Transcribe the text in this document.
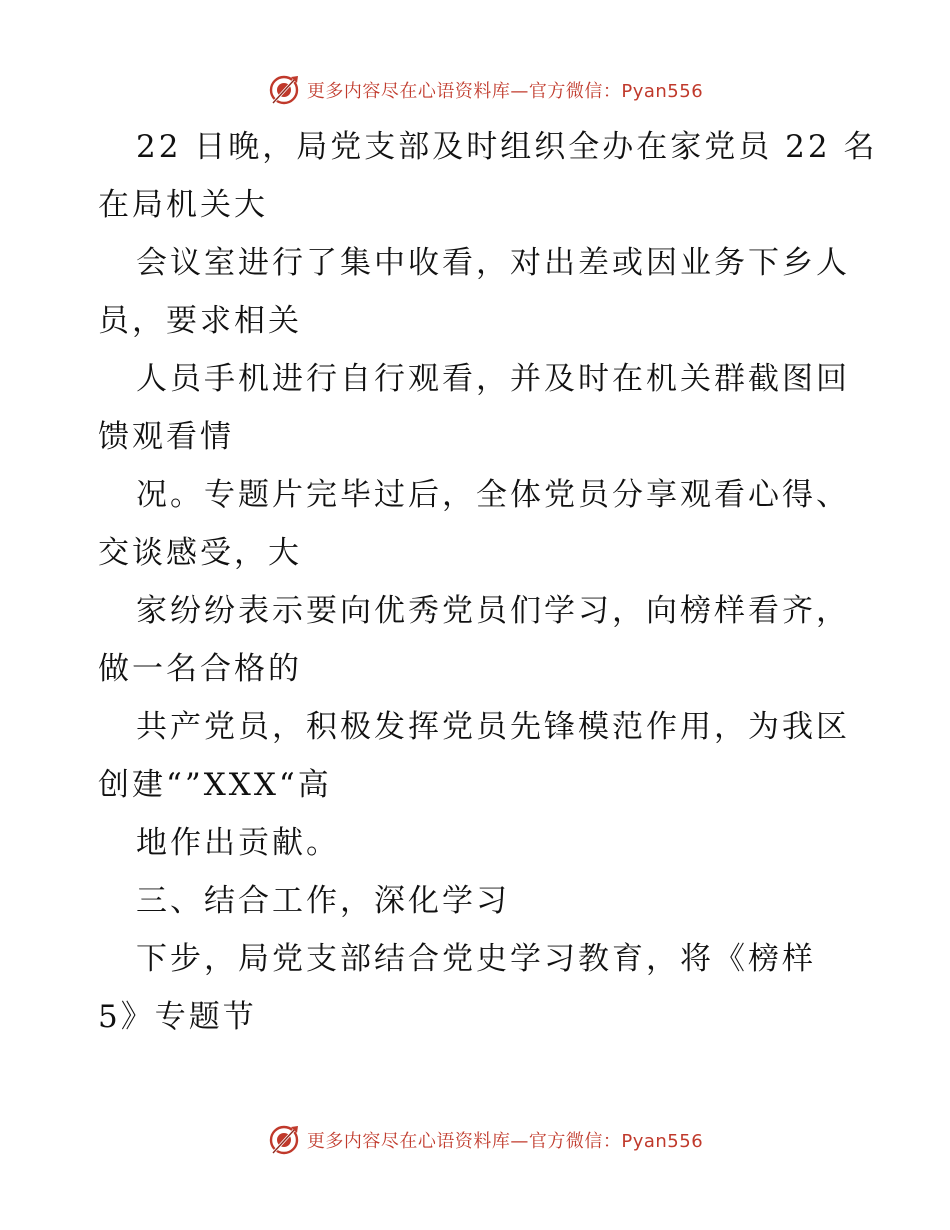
更多内容尽在心语资料库—官方微信：Pyan556
22 日晚，局党支部及时组织全办在家党员 22 名
在局机关大
会议室进行了集中收看，对出差或因业务下乡人
员，要求相关
人员手机进行自行观看，并及时在机关群截图回
馈观看情
况。专题片完毕过后，全体党员分享观看心得、
交谈感受，大
家纷纷表示要向优秀党员们学习，向榜样看齐，
做一名合格的
共产党员，积极发挥党员先锋模范作用，为我区
创建“”XXX“高
地作出贡献。
三、结合工作，深化学习
下步，局党支部结合党史学习教育，将《榜样
5》专题节
更多内容尽在心语资料库—官方微信：Pyan556
